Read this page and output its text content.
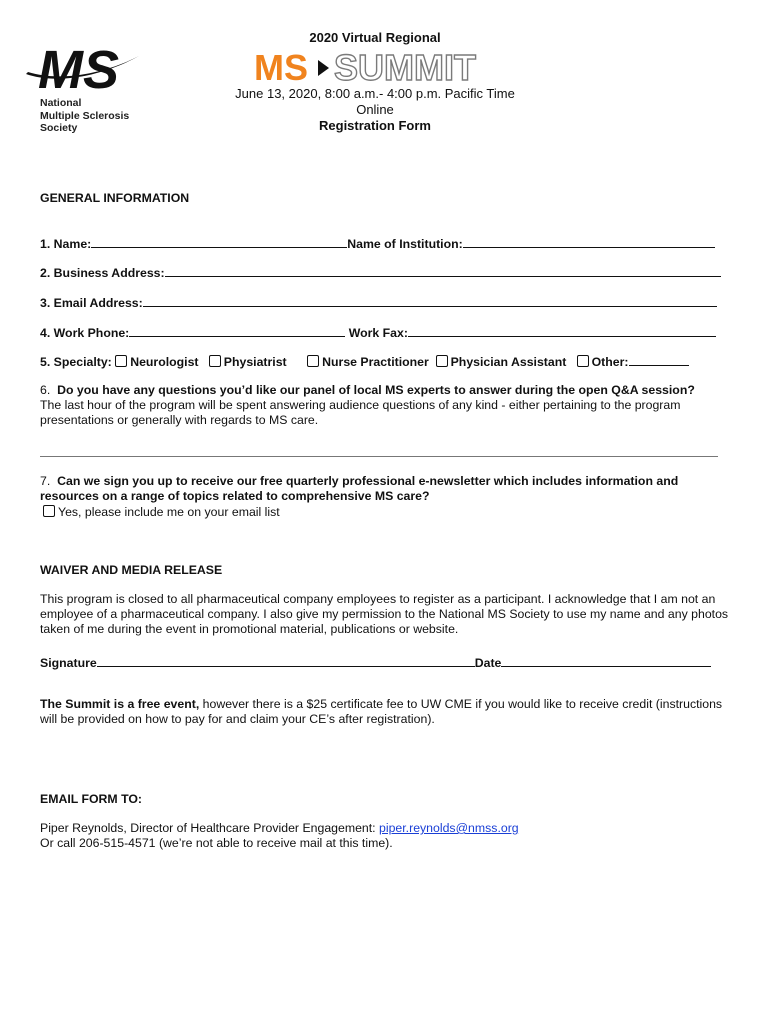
MS
National
Multiple Sclerosis
Society
2020 Virtual Regional
MS SUMMIT
June 13, 2020, 8:00 a.m.- 4:00 p.m. Pacific Time
Online
Registration Form
GENERAL INFORMATION
1. Name:	Name of Institution:
2. Business Address:
3. Email Address:
4. Work Phone:	Work Fax:
5. Specialty: Neurologist Physiatrist	Nurse Practitioner Physician Assistant Other:
6. Do you have any questions you’d like our panel of local MS experts to answer during the open Q&A session?
The last hour of the program will be spent answering audience questions of any kind - either pertaining to the program presentations or generally with regards to MS care.
7. Can we sign you up to receive our free quarterly professional e-newsletter which includes information and resources on a range of topics related to comprehensive MS care?
Yes, please include me on your email list
WAIVER AND MEDIA RELEASE
This program is closed to all pharmaceutical company employees to register as a participant. I acknowledge that I am not an employee of a pharmaceutical company. I also give my permission to the National MS Society to use my name and any photos taken of me during the event in promotional material, publications or website.
Signature	Date
The Summit is a free event, however there is a $25 certificate fee to UW CME if you would like to receive credit (instructions will be provided on how to pay for and claim your CE’s after registration).
EMAIL FORM TO:
Piper Reynolds, Director of Healthcare Provider Engagement: piper.reynolds@nmss.org
Or call 206-515-4571 (we’re not able to receive mail at this time).
